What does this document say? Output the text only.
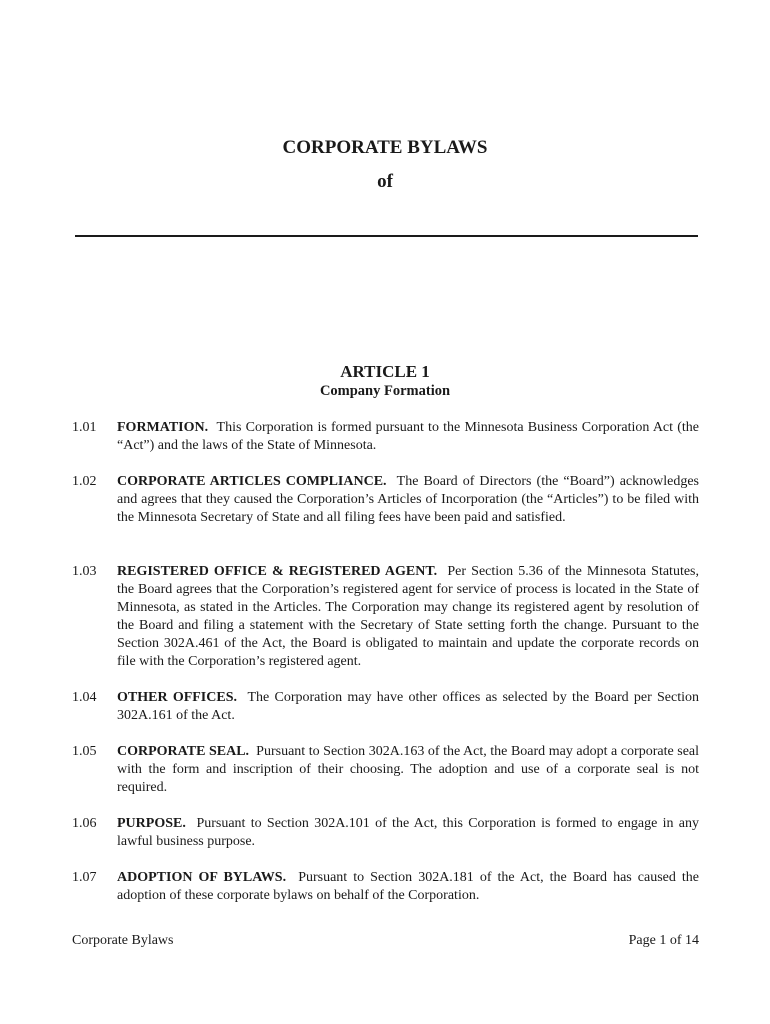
CORPORATE BYLAWS
of
ARTICLE 1
Company Formation
1.01 FORMATION. This Corporation is formed pursuant to the Minnesota Business Corporation Act (the “Act”) and the laws of the State of Minnesota.
1.02 CORPORATE ARTICLES COMPLIANCE. The Board of Directors (the “Board”) acknowledges and agrees that they caused the Corporation’s Articles of Incorporation (the “Articles”) to be filed with the Minnesota Secretary of State and all filing fees have been paid and satisfied.
1.03 REGISTERED OFFICE & REGISTERED AGENT. Per Section 5.36 of the Minnesota Statutes, the Board agrees that the Corporation’s registered agent for service of process is located in the State of Minnesota, as stated in the Articles. The Corporation may change its registered agent by resolution of the Board and filing a statement with the Secretary of State setting forth the change. Pursuant to the Section 302A.461 of the Act, the Board is obligated to maintain and update the corporate records on file with the Corporation’s registered agent.
1.04 OTHER OFFICES. The Corporation may have other offices as selected by the Board per Section 302A.161 of the Act.
1.05 CORPORATE SEAL. Pursuant to Section 302A.163 of the Act, the Board may adopt a corporate seal with the form and inscription of their choosing. The adoption and use of a corporate seal is not required.
1.06 PURPOSE. Pursuant to Section 302A.101 of the Act, this Corporation is formed to engage in any lawful business purpose.
1.07 ADOPTION OF BYLAWS. Pursuant to Section 302A.181 of the Act, the Board has caused the adoption of these corporate bylaws on behalf of the Corporation.
Corporate Bylaws	Page 1 of 14
